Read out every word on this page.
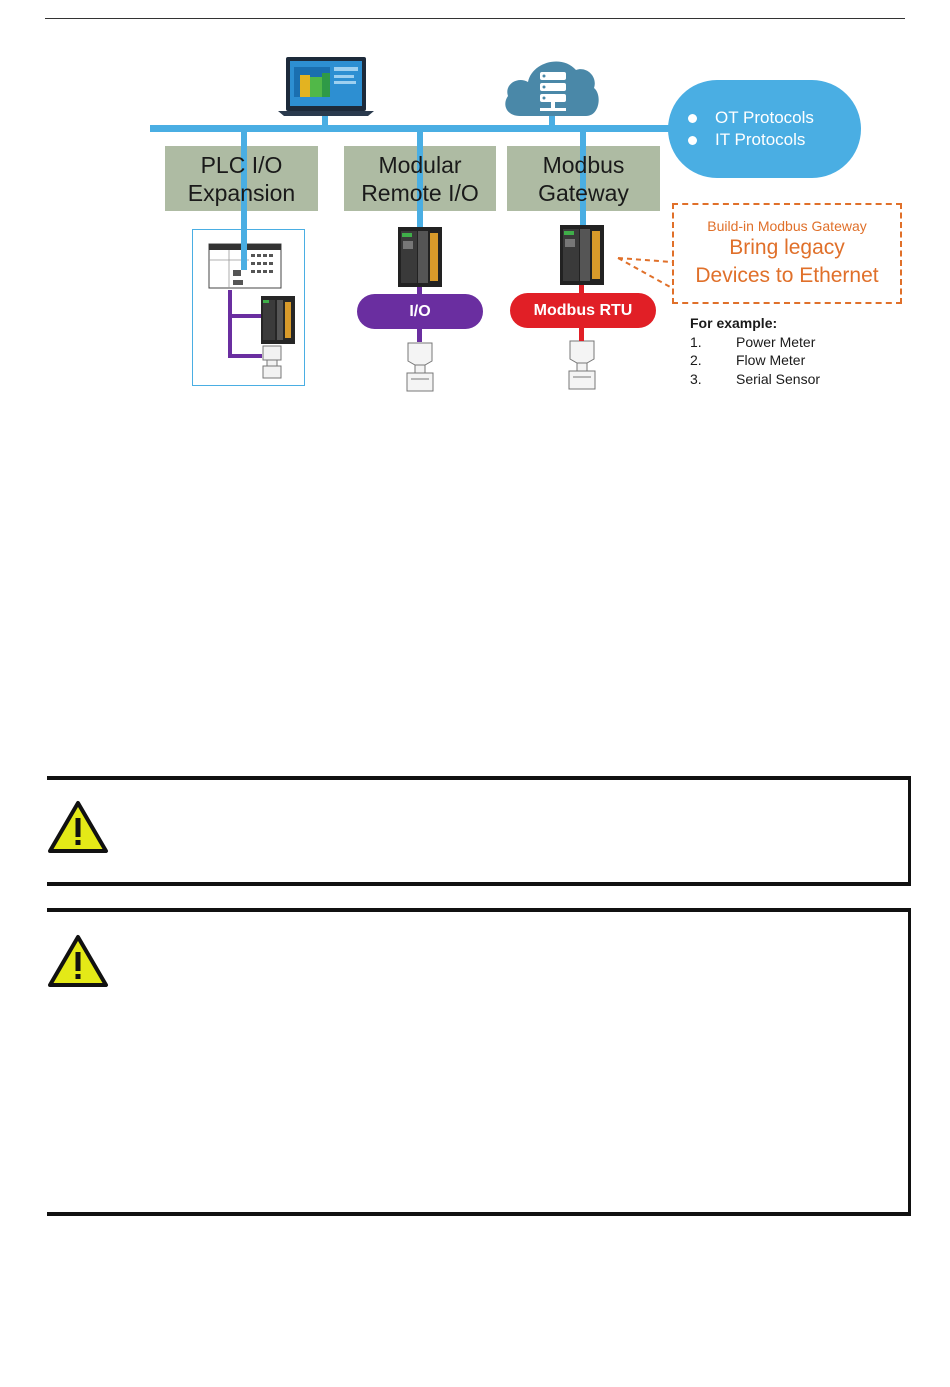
OT Protocols
IT Protocols
PLC I/O
Expansion
Modular
Remote I/O
Modbus
Gateway
I/O	Modbus RTU
Build-in Modbus Gateway
Bring legacy
Devices to Ethernet
For example:
1.	Power Meter
2.	Flow Meter
3.	Serial Sensor
